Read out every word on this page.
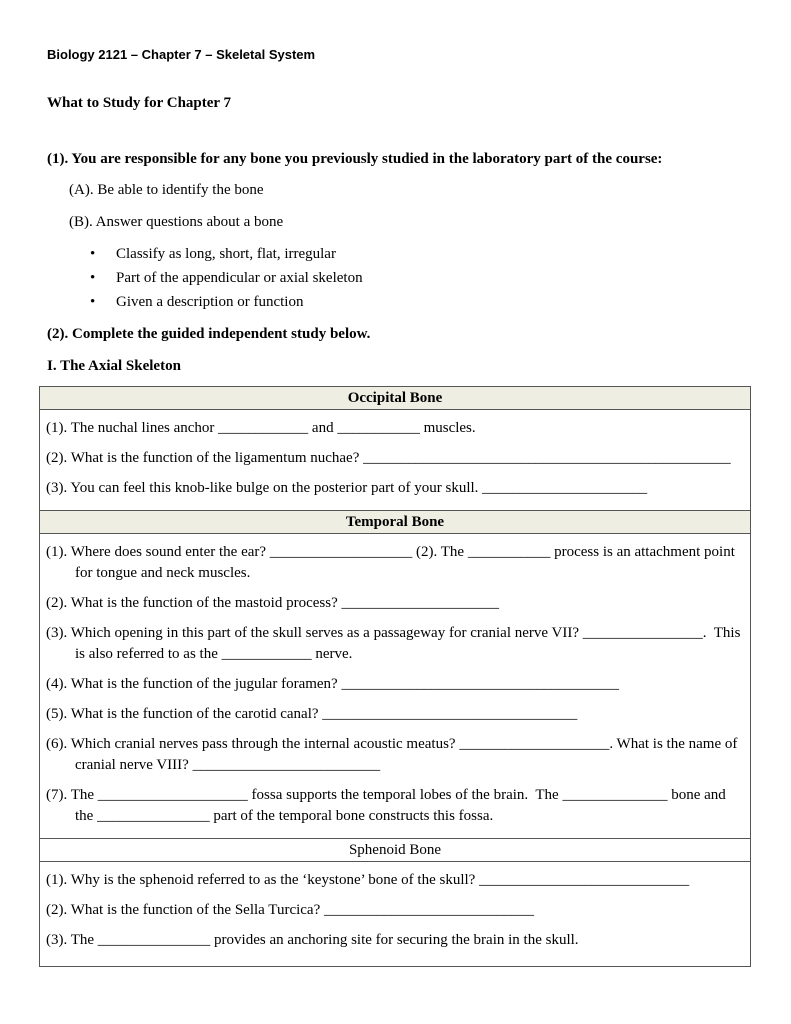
Biology 2121 – Chapter 7 – Skeletal System
What to Study for Chapter 7
(1). You are responsible for any bone you previously studied in the laboratory part of the course:
(A). Be able to identify the bone
(B). Answer questions about a bone
• Classify as long, short, flat, irregular
• Part of the appendicular or axial skeleton
• Given a description or function
(2). Complete the guided independent study below.
I. The Axial Skeleton
Occipital Bone

(1). The nuchal lines anchor ____________ and ___________ muscles.

(2). What is the function of the ligamentum nuchae? _________________________________________________

(3). You can feel this knob-like bulge on the posterior part of your skull. ______________________

Temporal Bone

(1). Where does sound enter the ear? ___________________ (2). The ___________ process is an attachment point for tongue and neck muscles.

(2). What is the function of the mastoid process? _____________________

(3). Which opening in this part of the skull serves as a passageway for cranial nerve VII? ________________.  This is also referred to as the ____________ nerve.

(4). What is the function of the jugular foramen? _____________________________________

(5). What is the function of the carotid canal? __________________________________

(6). Which cranial nerves pass through the internal acoustic meatus? ____________________. What is the name of cranial nerve VIII? _________________________

(7). The ____________________ fossa supports the temporal lobes of the brain.  The ______________ bone and the _______________ part of the temporal bone constructs this fossa.

Sphenoid Bone

(1). Why is the sphenoid referred to as the ‘keystone’ bone of the skull? ____________________________

(2). What is the function of the Sella Turcica? ____________________________

(3). The _______________ provides an anchoring site for securing the brain in the skull.
